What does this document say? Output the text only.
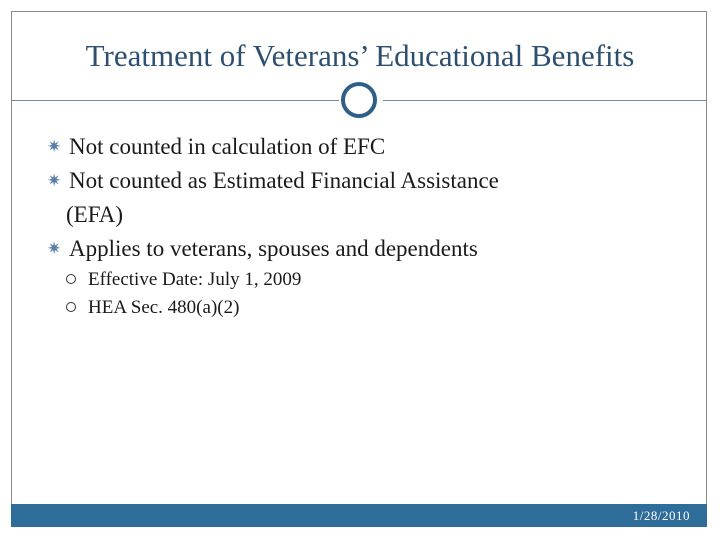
Treatment of Veterans’ Educational Benefits
✷ Not counted in calculation of EFC
✷ Not counted as Estimated Financial Assistance
(EFA)
✷ Applies to veterans, spouses and dependents
Effective Date: July 1, 2009
HEA Sec. 480(a)(2)
1/28/2010
